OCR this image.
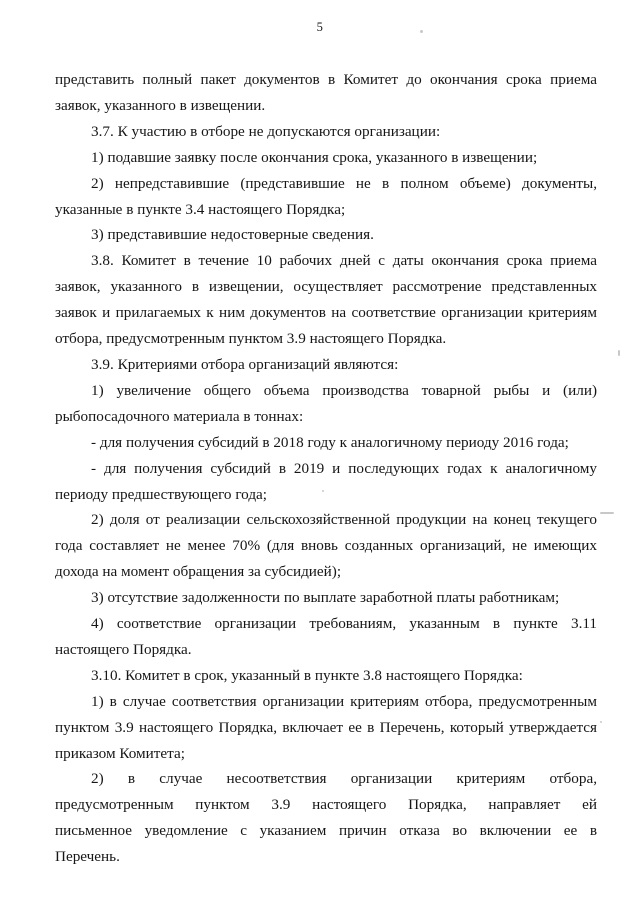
5

представить полный пакет документов в Комитет до окончания срока приема заявок, указанного в извещении.

3.7. К участию в отборе не допускаются организации:

1) подавшие заявку после окончания срока, указанного в извещении;

2) непредставившие (представившие не в полном объеме) документы, указанные в пункте 3.4 настоящего Порядка;

3) представившие недостоверные сведения.

3.8. Комитет в течение 10 рабочих дней с даты окончания срока приема заявок, указанного в извещении, осуществляет рассмотрение представленных заявок и прилагаемых к ним документов на соответствие организации критериям отбора, предусмотренным пунктом 3.9 настоящего Порядка.

3.9. Критериями отбора организаций являются:

1) увеличение общего объема производства товарной рыбы и (или) рыбопосадочного материала в тоннах:

- для получения субсидий в 2018 году к аналогичному периоду 2016 года;

- для получения субсидий в 2019 и последующих годах к аналогичному периоду предшествующего года;

2) доля от реализации сельскохозяйственной продукции на конец текущего года составляет не менее 70% (для вновь созданных организаций, не имеющих дохода на момент обращения за субсидией);

3) отсутствие задолженности по выплате заработной платы работникам;

4) соответствие организации требованиям, указанным в пункте 3.11 настоящего Порядка.

3.10. Комитет в срок, указанный в пункте 3.8 настоящего Порядка:

1) в случае соответствия организации критериям отбора, предусмотренным пунктом 3.9 настоящего Порядка, включает ее в Перечень, который утверждается приказом Комитета;

2) в случае несоответствия организации критериям отбора, предусмотренным пунктом 3.9 настоящего Порядка, направляет ей письменное уведомление с указанием причин отказа во включении ее в Перечень.
